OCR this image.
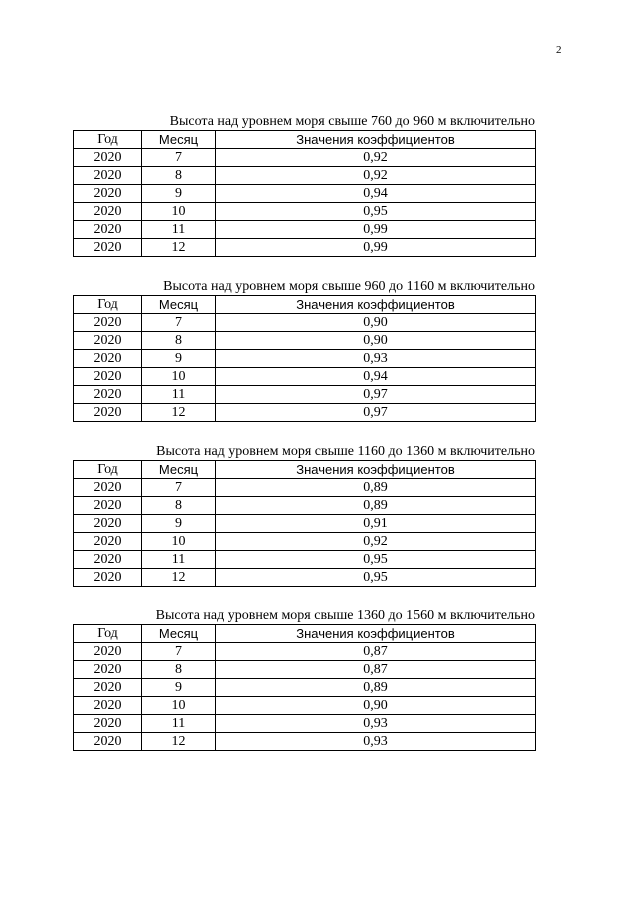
2
Высота над уровнем моря свыше 760 до 960 м включительно
Год	Месяц	Значения коэффициентов
2020	7	0,92
2020	8	0,92
2020	9	0,94
2020	10	0,95
2020	11	0,99
2020	12	0,99
Высота над уровнем моря свыше 960 до 1160 м включительно
Год	Месяц	Значения коэффициентов
2020	7	0,90
2020	8	0,90
2020	9	0,93
2020	10	0,94
2020	11	0,97
2020	12	0,97
Высота над уровнем моря свыше 1160 до 1360 м включительно
Год	Месяц	Значения коэффициентов
2020	7	0,89
2020	8	0,89
2020	9	0,91
2020	10	0,92
2020	11	0,95
2020	12	0,95
Высота над уровнем моря свыше 1360 до 1560 м включительно
Год	Месяц	Значения коэффициентов
2020	7	0,87
2020	8	0,87
2020	9	0,89
2020	10	0,90
2020	11	0,93
2020	12	0,93
